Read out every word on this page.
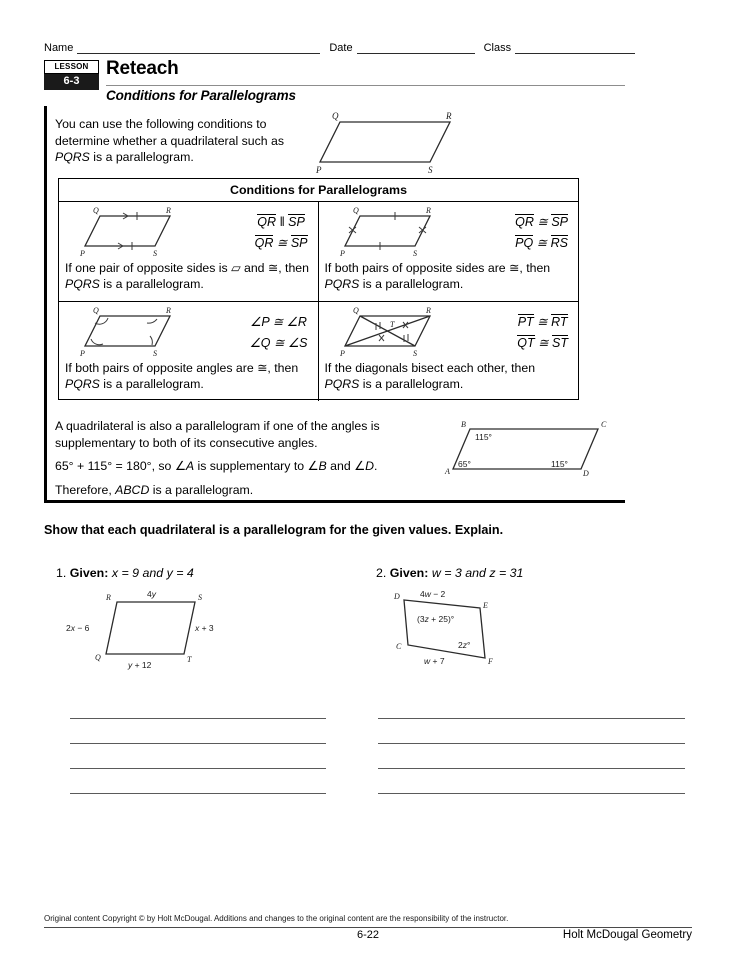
Name	Date	Class
LESSON
6-3
Reteach
Conditions for Parallelograms
You can use the following conditions to determine whether a quadrilateral such as PQRS is a parallelogram.
Q	R
P	S
Conditions for Parallelograms
Q	R
P	S
QR ‖ SP
QR ≅ SP
If one pair of opposite sides is ▱ and ≅, then PQRS is a parallelogram.
Q	R
P	S
QR ≅ SP
PQ ≅ RS
If both pairs of opposite sides are ≅, then PQRS is a parallelogram.
Q	R
P	S
∠P ≅ ∠R
∠Q ≅ ∠S
If both pairs of opposite angles are ≅, then PQRS is a parallelogram.
Q	R
P	S
T	PT ≅ RT
QT ≅ ST
If the diagonals bisect each other, then PQRS is a parallelogram.

A quadrilateral is also a parallelogram if one of the angles is supplementary to both of its consecutive angles.

65° + 115° = 180°, so ∠A is supplementary to ∠B and ∠D.

Therefore, ABCD is a parallelogram.

B	C
A	D
115°
65°	115°
Show that each quadrilateral is a parallelogram for the given values. Explain.
1. Given: x = 9 and y = 4
R	S
Q	T
4y
2x − 6	x + 3
y + 12
2. Given: w = 3 and z = 31
D
E
C
F
4w − 2
(3z + 25)°
2z°
w + 7
Original content Copyright © by Holt McDougal. Additions and changes to the original content are the responsibility of the instructor.
6-22	Holt McDougal Geometry
